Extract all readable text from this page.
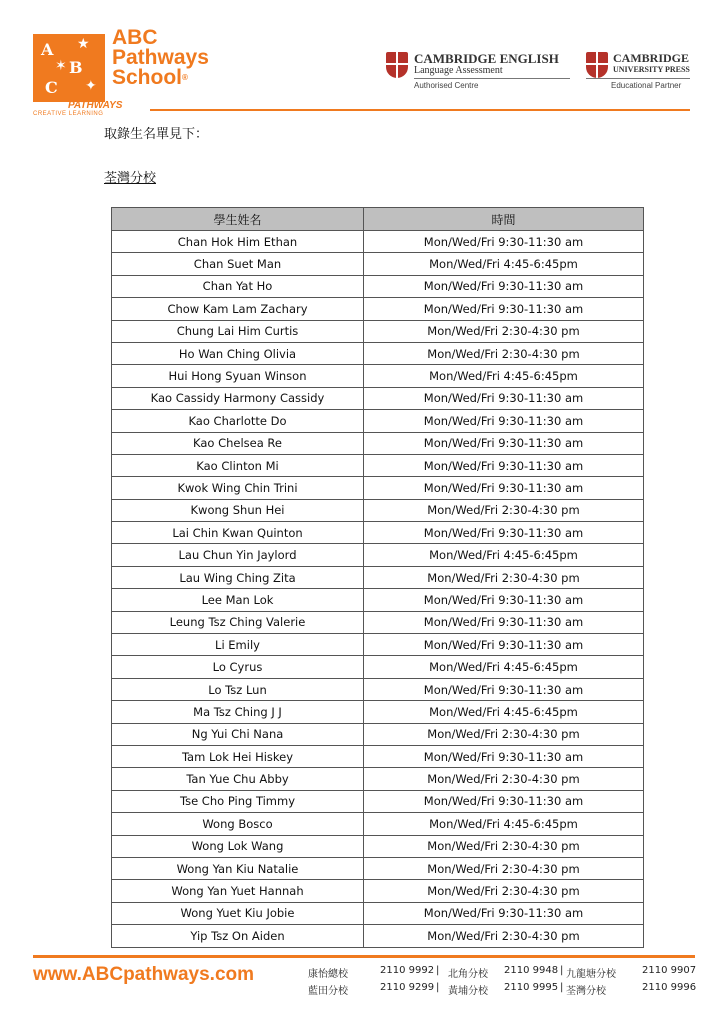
A
B
C
★
✦
✶
ABC
Pathways
School®
PATHWAYS
CREATIVE LEARNING
CAMBRIDGE ENGLISH
Language Assessment
Authorised Centre
CAMBRIDGE
UNIVERSITY PRESS
Educational Partner
取錄生名單見下：
荃灣分校
學生姓名	時間
Chan Hok Him Ethan	Mon/Wed/Fri 9:30-11:30 am
Chan Suet Man	Mon/Wed/Fri 4:45-6:45pm
Chan Yat Ho	Mon/Wed/Fri 9:30-11:30 am
Chow Kam Lam Zachary	Mon/Wed/Fri 9:30-11:30 am
Chung Lai Him Curtis	Mon/Wed/Fri 2:30-4:30 pm
Ho Wan Ching Olivia	Mon/Wed/Fri 2:30-4:30 pm
Hui Hong Syuan Winson	Mon/Wed/Fri 4:45-6:45pm
Kao Cassidy Harmony Cassidy	Mon/Wed/Fri 9:30-11:30 am
Kao Charlotte Do	Mon/Wed/Fri 9:30-11:30 am
Kao Chelsea Re	Mon/Wed/Fri 9:30-11:30 am
Kao Clinton Mi	Mon/Wed/Fri 9:30-11:30 am
Kwok Wing Chin Trini	Mon/Wed/Fri 9:30-11:30 am
Kwong Shun Hei	Mon/Wed/Fri 2:30-4:30 pm
Lai Chin Kwan Quinton	Mon/Wed/Fri 9:30-11:30 am
Lau Chun Yin Jaylord	Mon/Wed/Fri 4:45-6:45pm
Lau Wing Ching Zita	Mon/Wed/Fri 2:30-4:30 pm
Lee Man Lok	Mon/Wed/Fri 9:30-11:30 am
Leung Tsz Ching Valerie	Mon/Wed/Fri 9:30-11:30 am
Li Emily	Mon/Wed/Fri 9:30-11:30 am
Lo Cyrus	Mon/Wed/Fri 4:45-6:45pm
Lo Tsz Lun	Mon/Wed/Fri 9:30-11:30 am
Ma Tsz Ching J J	Mon/Wed/Fri 4:45-6:45pm
Ng Yui Chi Nana	Mon/Wed/Fri 2:30-4:30 pm
Tam Lok Hei Hiskey	Mon/Wed/Fri 9:30-11:30 am
Tan Yue Chu Abby	Mon/Wed/Fri 2:30-4:30 pm
Tse Cho Ping Timmy	Mon/Wed/Fri 9:30-11:30 am
Wong Bosco	Mon/Wed/Fri 4:45-6:45pm
Wong Lok Wang	Mon/Wed/Fri 2:30-4:30 pm
Wong Yan Kiu Natalie	Mon/Wed/Fri 2:30-4:30 pm
Wong Yan Yuet Hannah	Mon/Wed/Fri 2:30-4:30 pm
Wong Yuet Kiu Jobie	Mon/Wed/Fri 9:30-11:30 am
Yip Tsz On Aiden	Mon/Wed/Fri 2:30-4:30 pm
www.ABCpathways.com	康怡總校	2110 9992 | 北角分校 2110 9948 | 九龍塘分校	2110 9907
藍田分校	2110 9299 | 黃埔分校 2110 9995 | 荃灣分校	2110 9996
